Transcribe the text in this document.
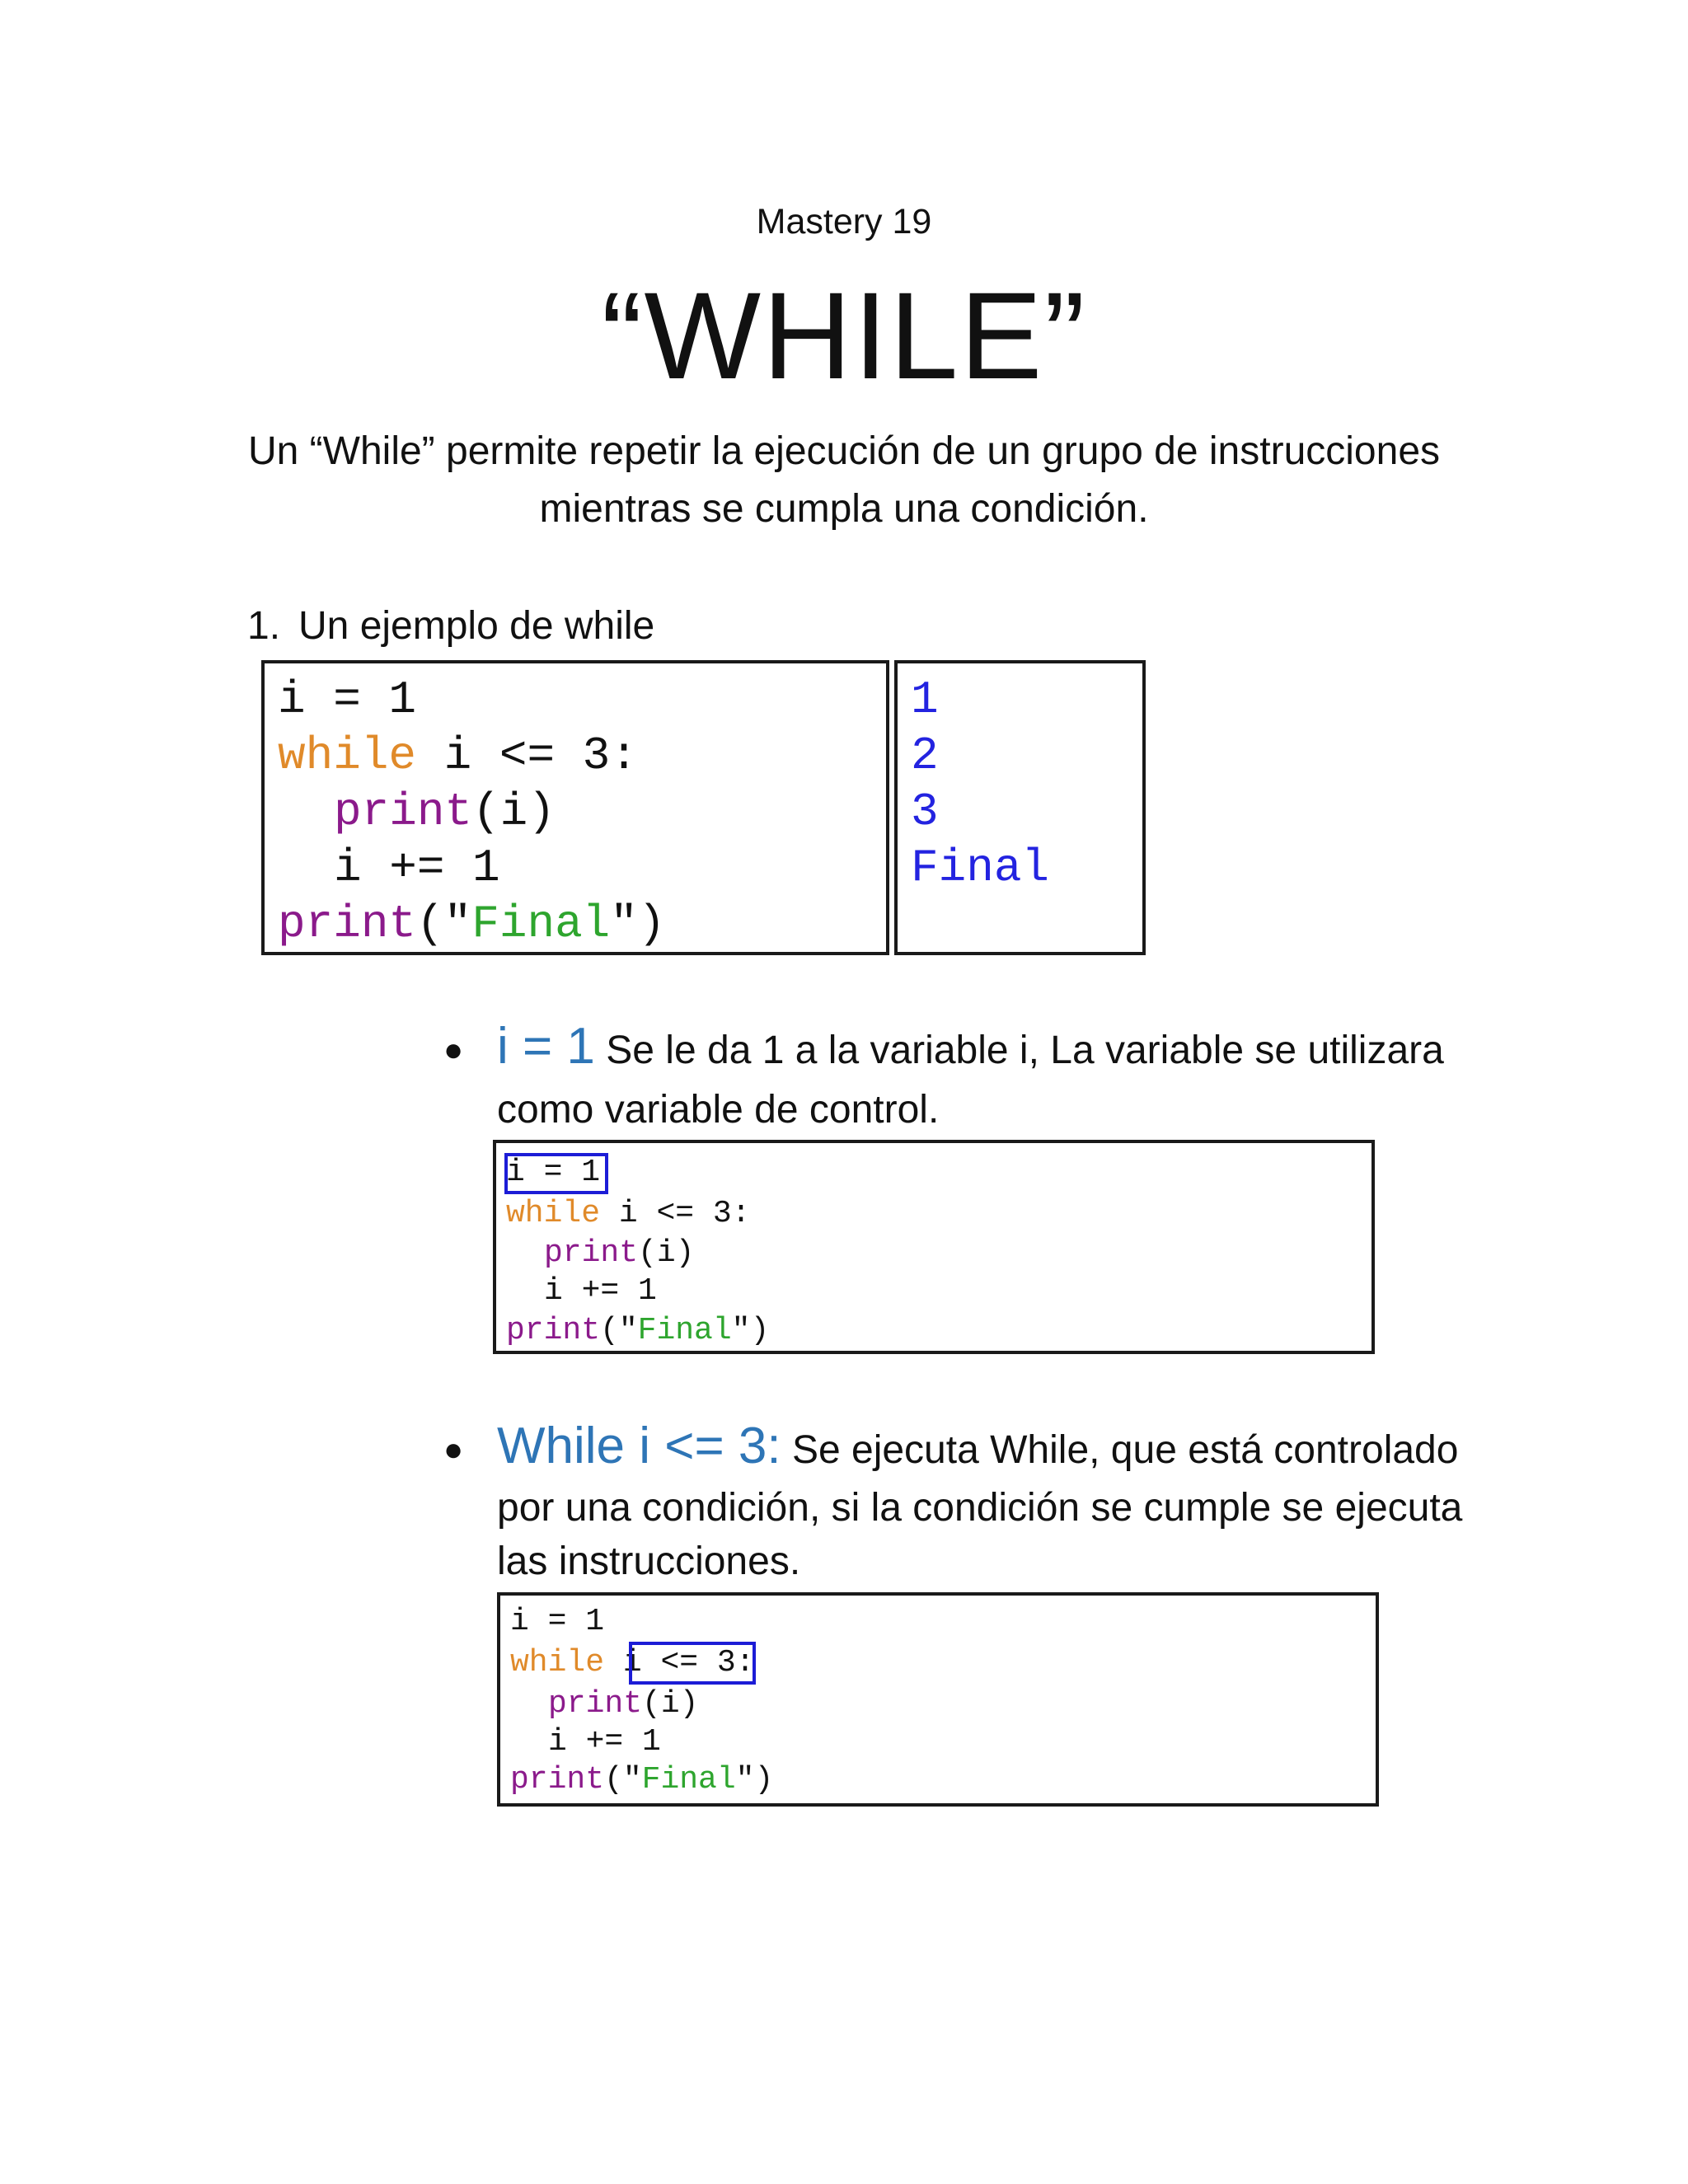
Mastery 19
“WHILE”
Un “While” permite repetir la ejecución de un grupo de instrucciones
mientras se cumpla una condición.
1. Un ejemplo de while
i = 1
while i <= 3:
print(i)
i += 1
print("Final")
1
2
3
Final
● i = 1 Se le da 1 a la variable i, La variable se utilizara
como variable de control.
i = 1
while i <= 3:
print(i)
i += 1
print("Final")
● While i <= 3: Se ejecuta While, que está controlado
por una condición, si la condición se cumple se ejecuta
las instrucciones.
i = 1
while i <= 3:
print(i)
i += 1
print("Final")
